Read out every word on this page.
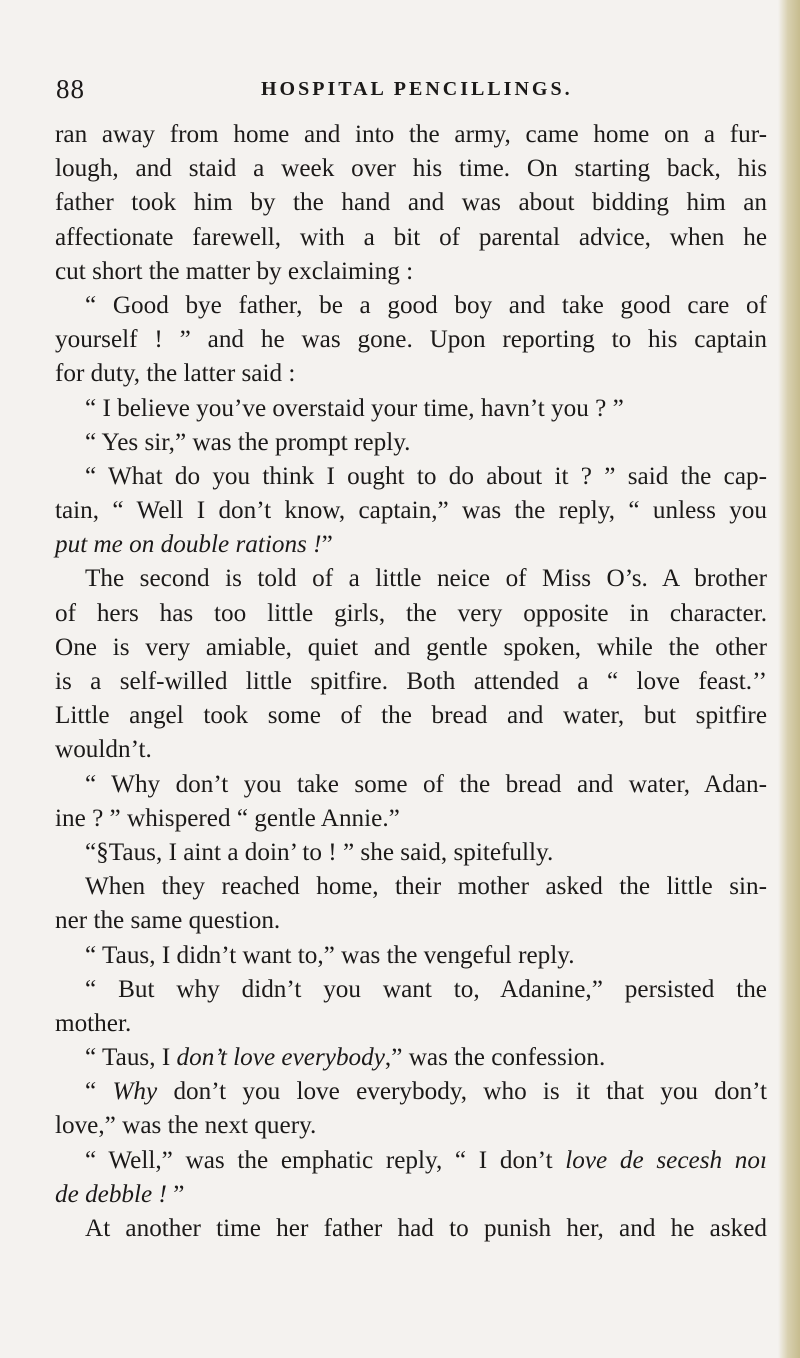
88	HOSPITAL PENCILLINGS.
ran away from home and into the army, came home on a fur-
lough, and staid a week over his time. On starting back, his
father took him by the hand and was about bidding him an
affectionate farewell, with a bit of parental advice, when he
cut short the matter by exclaiming :
“ Good bye father, be a good boy and take good care of
yourself ! ” and he was gone. Upon reporting to his captain
for duty, the latter said :
“ I believe you’ve overstaid your time, havn’t you ? ”
“ Yes sir,” was the prompt reply.
“ What do you think I ought to do about it ? ” said the cap-
tain, “ Well I don’t know, captain,” was the reply, “ unless you
put me on double rations !”
The second is told of a little neice of Miss O’s. A brother
of hers has too little girls, the very opposite in character.
One is very amiable, quiet and gentle spoken, while the other
is a self-willed little spitfire. Both attended a “ love feast.’’
Little angel took some of the bread and water, but spitfire
wouldn’t.
“ Why don’t you take some of the bread and water, Adan-
ine ? ” whispered “ gentle Annie.”
“§Taus, I aint a doin’ to ! ” she said, spitefully.
When they reached home, their mother asked the little sin-
ner the same question.
“ Taus, I didn’t want to,” was the vengeful reply.
“ But why didn’t you want to, Adanine,” persisted the
mother.
“ Taus, I don’t love everybody,” was the confession.
“ Why don’t you love everybody, who is it that you don’t
love,” was the next query.
“ Well,” was the emphatic reply, “ I don’t love de secesh noı
de debble ! ”
At another time her father had to punish her, and he asked
